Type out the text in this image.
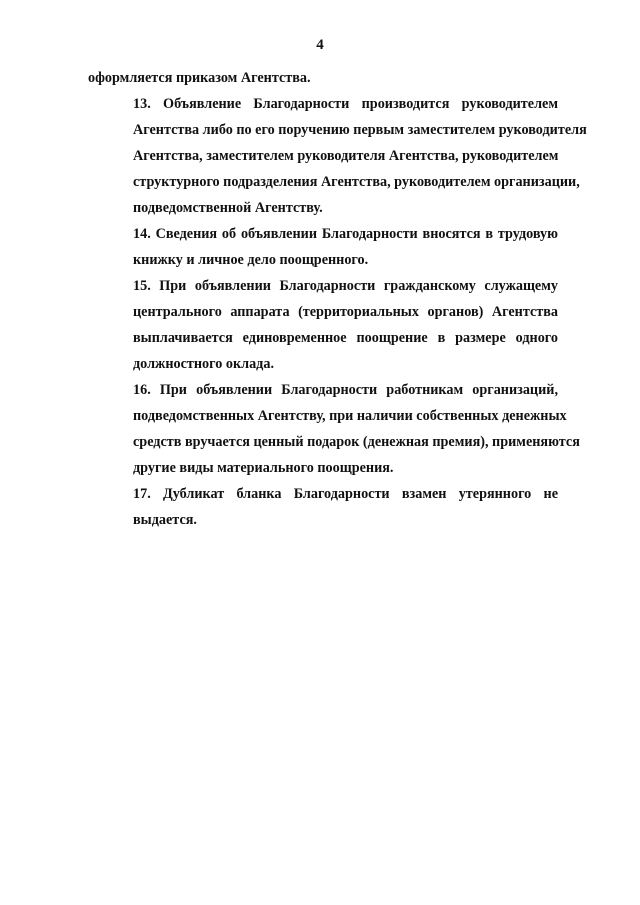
4

оформляется приказом Агентства.

13. Объявление Благодарности производится руководителем
Агентства либо по его поручению первым заместителем руководителя
Агентства, заместителем руководителя Агентства, руководителем
структурного подразделения Агентства, руководителем организации,
подведомственной Агентству.

14. Сведения об объявлении Благодарности вносятся в трудовую
книжку и личное дело поощренного.

15. При объявлении Благодарности гражданскому служащему
центрального аппарата (территориальных органов) Агентства
выплачивается единовременное поощрение в размере одного
должностного оклада.

16. При объявлении Благодарности работникам организаций,
подведомственных Агентству, при наличии собственных денежных
средств вручается ценный подарок (денежная премия), применяются
другие виды материального поощрения.

17. Дубликат бланка Благодарности взамен утерянного не
выдается.
